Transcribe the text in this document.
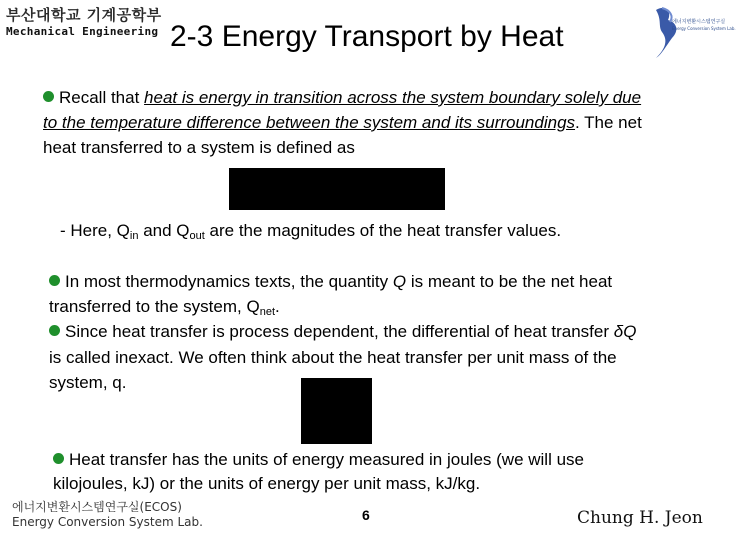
부산대학교 기계공학부
Mechanical Engineering 2-3 Energy Transport by Heat	에너지변환시스템연구실
Energy Conversion System Lab.
Recall that heat is energy in transition across the system boundary solely due
to the temperature difference between the system and its surroundings. The net
heat transferred to a system is defined as
- Here, $Q_{in}$ and $Q_{out}$ are the magnitudes of the heat transfer values.
In most thermodynamics texts, the quantity Q is meant to be the net heat
transferred to the system, $Q_{net}$.
Since heat transfer is process dependent, the differential of heat transfer δQ
is called inexact. We often think about the heat transfer per unit mass of the
system, q.
Heat transfer has the units of energy measured in joules (we will use
kilojoules, kJ) or the units of energy per unit mass, kJ/kg.
에너지변환시스템연구실(ECOS)
Energy Conversion System Lab.	6	Chung H. Jeon
